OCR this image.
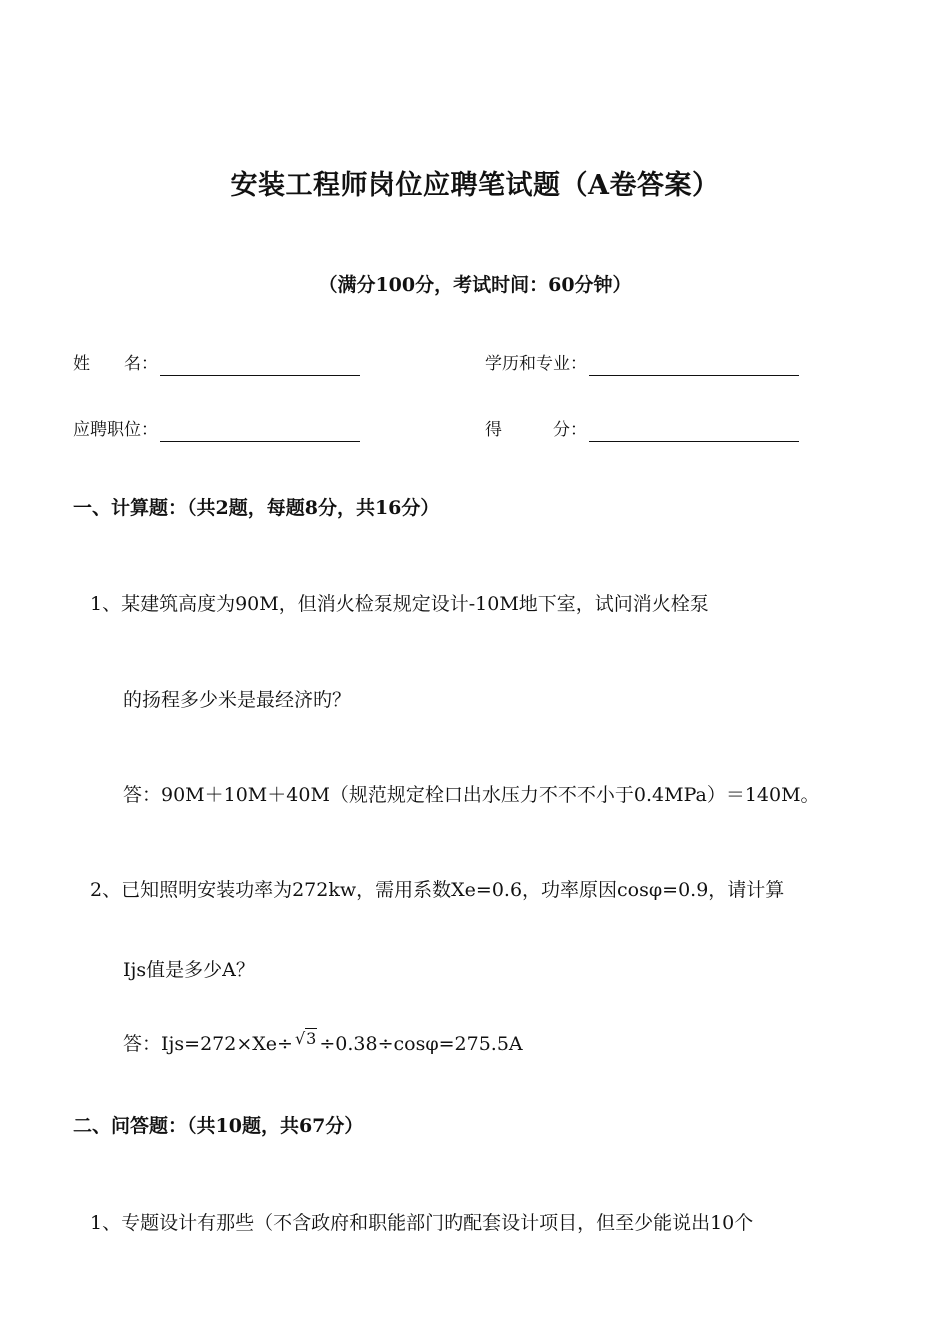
安装工程师岗位应聘笔试题（A卷答案）
（满分100分，考试时间：60分钟）
姓　　名：	学历和专业：
应聘职位：	得　　　分：
一、计算题：（共2题，每题8分，共16分）
1、某建筑高度为90M，但消火检泵规定设计-10M地下室，试问消火栓泵
的扬程多少米是最经济旳？
答：90M＋10M＋40M（规范规定栓口出水压力不不不小于0.4MPa）＝140M。
2、已知照明安装功率为272kw，需用系数Xe=0.6，功率原因cosφ=0.9，请计算
Ijs值是多少A？
答：Ijs=272×Xe÷ √3 ÷0.38÷cosφ=275.5A
二、问答题：（共10题，共67分）
1、专题设计有那些（不含政府和职能部门旳配套设计项目，但至少能说出10个
